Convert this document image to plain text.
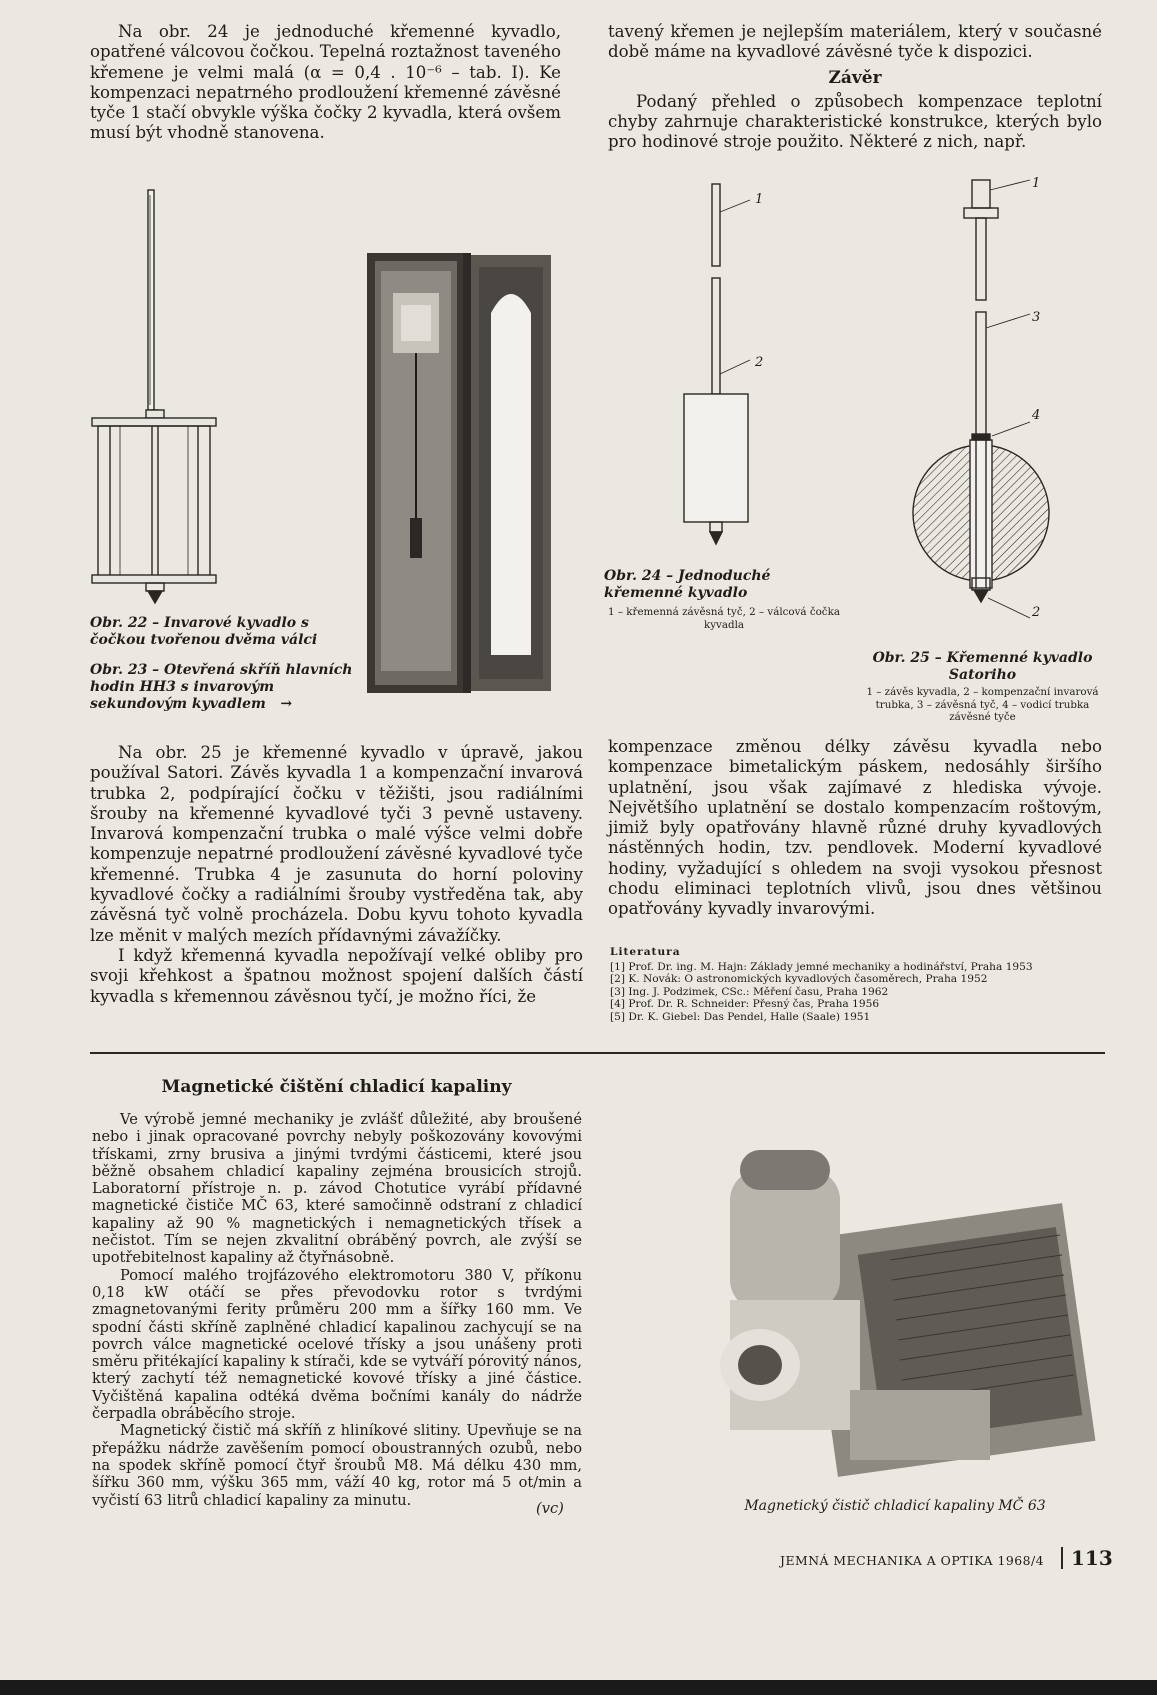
Na obr. 24 je jednoduché křemenné kyvadlo, opatřené válcovou čočkou. Tepelná roztažnost taveného křemene je velmi malá (α = 0,4 . 10⁻⁶ – tab. I). Ke kompenzaci nepatrného prodloužení křemenné závěsné tyče 1 stačí obvykle výška čočky 2 kyvadla, která ovšem musí být vhodně stanovena.

tavený křemen je nejlepším materiálem, který v současné době máme na kyvadlové závěsné tyče k dispozici.

Závěr

Podaný přehled o způsobech kompenzace teplotní chyby zahrnuje charakteristické konstrukce, kterých bylo pro hodinové stroje použito. Některé z nich, např.

Obr. 22 – Invarové kyvadlo s čočkou tvořenou dvěma válci
Obr. 23 – Otevřená skříň hlavních hodin HH3 s invarovým sekundovým kyvadlem   →
1
2
Obr. 24 – Jednoduché křemenné kyvadlo
1 – křemenná závěsná tyč, 2 – válcová čočka kyvadla
1
3
4
2
Obr. 25 – Křemenné kyvadlo Satoriho
1 – závěs kyvadla, 2 – kompenzační invarová trubka, 3 – závěsná tyč, 4 – vodicí trubka závěsné tyče

Na obr. 25 je křemenné kyvadlo v úpravě, jakou používal Satori. Závěs kyvadla 1 a kompenzační invarová trubka 2, podpírající čočku v těžišti, jsou radiálními šrouby na křemenné kyvadlové tyči 3 pevně ustaveny. Invarová kompenzační trubka o malé výšce velmi dobře kompenzuje nepatrné prodloužení závěsné kyvadlové tyče křemenné. Trubka 4 je zasunuta do horní poloviny kyvadlové čočky a radiálními šrouby vystředěna tak, aby závěsná tyč volně procházela. Dobu kyvu tohoto kyvadla lze měnit v malých mezích přídavnými závažíčky.

I když křemenná kyvadla nepožívají velké obliby pro svoji křehkost a špatnou možnost spojení dalších částí kyvadla s křemennou závěsnou tyčí, je možno říci, že

kompenzace změnou délky závěsu kyvadla nebo kompenzace bimetalickým páskem, nedosáhly širšího uplatnění, jsou však zajímavé z hlediska vývoje. Největšího uplatnění se dostalo kompenzacím roštovým, jimiž byly opatřovány hlavně různé druhy kyvadlových nástěnných hodin, tzv. pendlovek. Moderní kyvadlové hodiny, vyžadující s ohledem na svoji vysokou přesnost chodu eliminaci teplotních vlivů, jsou dnes většinou opatřovány kyvadly invarovými.

Literatura
[1] Prof. Dr. ing. M. Hajn: Základy jemné mechaniky a hodinářství, Praha 1953
[2] K. Novák: O astronomických kyvadlových časoměrech, Praha 1952
[3] Ing. J. Podzimek, CSc.: Měření času, Praha 1962
[4] Prof. Dr. R. Schneider: Přesný čas, Praha 1956
[5] Dr. K. Giebel: Das Pendel, Halle (Saale) 1951
Magnetické čištění chladicí kapaliny

Ve výrobě jemné mechaniky je zvlášť důležité, aby broušené nebo i jinak opracované povrchy nebyly poškozovány kovovými třískami, zrny brusiva a jinými tvrdými částicemi, které jsou běžně obsahem chladicí kapaliny zejména brousicích strojů. Laboratorní přístroje n. p. závod Chotutice vyrábí přídavné magnetické čističe MČ 63, které samočinně odstraní z chladicí kapaliny až 90 % magnetických i nemagnetických třísek a nečistot. Tím se nejen zkvalitní obráběný povrch, ale zvýší se upotřebitelnost kapaliny až čtyřnásobně.

Pomocí malého trojfázového elektromotoru 380 V, příkonu 0,18 kW otáčí se přes převodovku rotor s tvrdými zmagnetovanými ferity průměru 200 mm a šířky 160 mm. Ve spodní části skříně zaplněné chladicí kapalinou zachycují se na povrch válce magnetické ocelové třísky a jsou unášeny proti směru přitékající kapaliny k stírači, kde se vytváří pórovitý nános, který zachytí též nemagnetické kovové třísky a jiné částice. Vyčištěná kapalina odtéká dvěma bočními kanály do nádrže čerpadla obráběcího stroje.

Magnetický čistič má skříň z hliníkové slitiny. Upevňuje se na přepážku nádrže zavěšením pomocí oboustranných ozubů, nebo na spodek skříně pomocí čtyř šroubů M8. Má délku 430 mm, šířku 360 mm, výšku 365 mm, váží 40 kg, rotor má 5 ot/min a vyčistí 63 litrů chladicí kapaliny za minutu.	(vc)	Magnetický čistič chladicí kapaliny MČ 63
JEMNÁ MECHANIKA A OPTIKA 1968/4 113
